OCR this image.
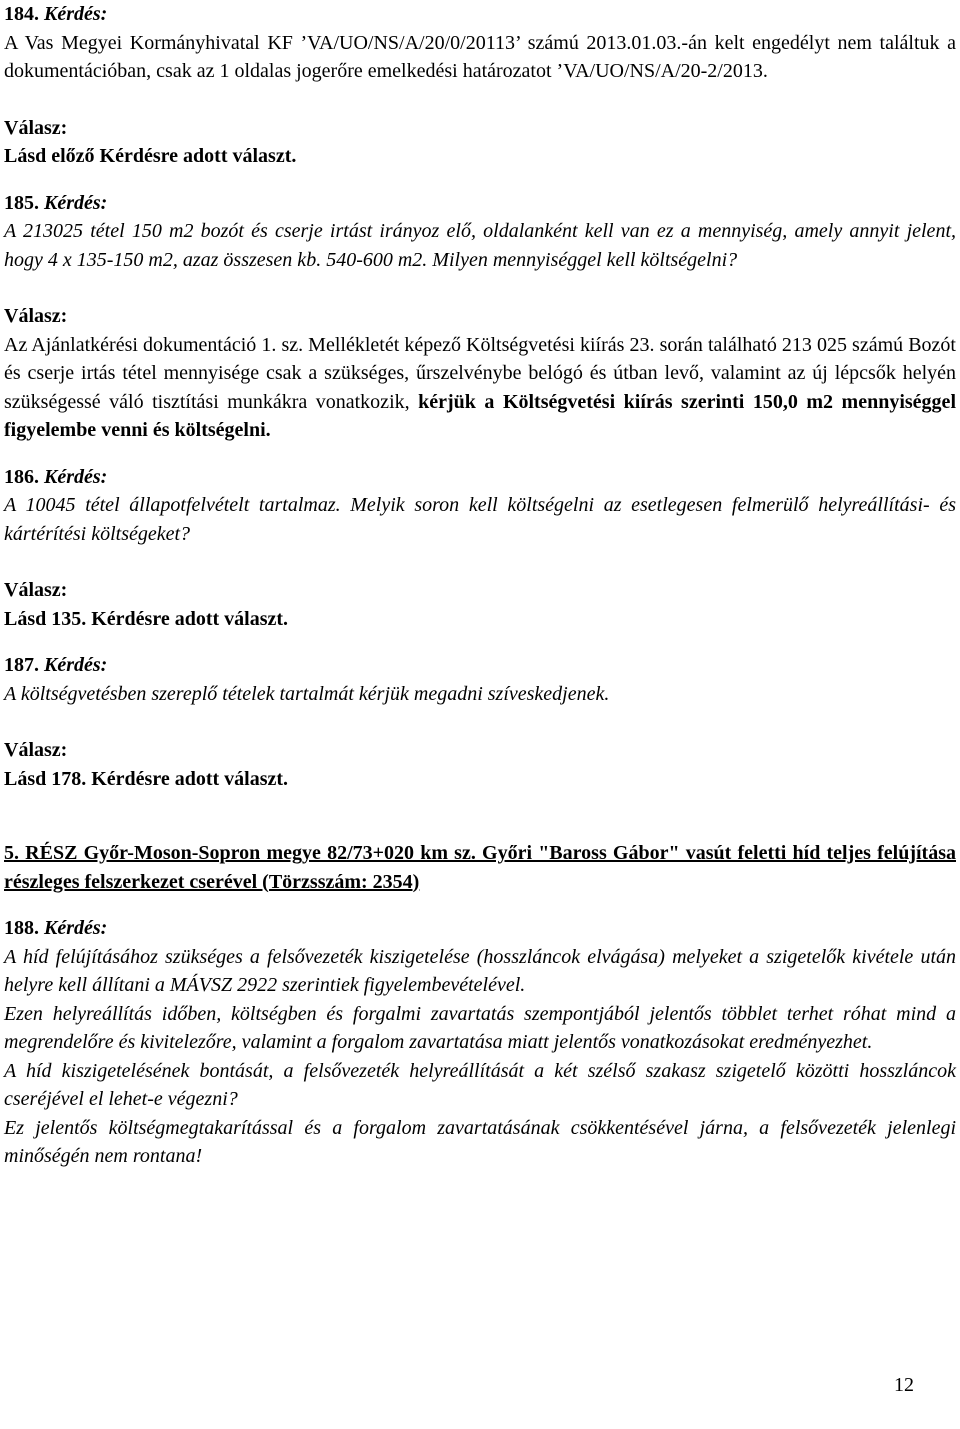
184. Kérdés:
A Vas Megyei Kormányhivatal KF ’VA/UO/NS/A/20/0/20113’ számú 2013.01.03.-án kelt engedélyt nem találtuk a dokumentációban, csak az 1 oldalas jogerőre emelkedési határozatot ’VA/UO/NS/A/20-2/2013.
Válasz:
Lásd előző Kérdésre adott választ.
185. Kérdés:
A 213025 tétel 150 m2 bozót és cserje irtást irányoz elő, oldalanként kell van ez a mennyiség, amely annyit jelent, hogy 4 x 135-150 m2, azaz összesen kb. 540-600 m2. Milyen mennyiséggel kell költségelni?
Válasz:
Az Ajánlatkérési dokumentáció 1. sz. Mellékletét képező Költségvetési kiírás 23. során található 213 025 számú Bozót és cserje irtás tétel mennyisége csak a szükséges, űrszelvénybe belógó és útban levő, valamint az új lépcsők helyén szükségessé váló tisztítási munkákra vonatkozik, kérjük a Költségvetési kiírás szerinti 150,0 m2 mennyiséggel figyelembe venni és költségelni.
186. Kérdés:
A 10045 tétel állapotfelvételt tartalmaz. Melyik soron kell költségelni az esetlegesen felmerülő helyreállítási- és kártérítési költségeket?
Válasz:
Lásd 135. Kérdésre adott választ.
187. Kérdés:
A költségvetésben szereplő tételek tartalmát kérjük megadni szíveskedjenek.
Válasz:
Lásd 178. Kérdésre adott választ.
5. RÉSZ Győr-Moson-Sopron megye 82/73+020 km sz. Győri "Baross Gábor" vasút feletti híd teljes felújítása részleges felszerkezet cserével (Törzsszám: 2354)
188. Kérdés:
A híd felújításához szükséges a felsővezeték kiszigetelése (hosszláncok elvágása) melyeket a szigetelők kivétele után helyre kell állítani a MÁVSZ 2922 szerintiek figyelembevételével.
Ezen helyreállítás időben, költségben és forgalmi zavartatás szempontjából jelentős többlet terhet róhat mind a megrendelőre és kivitelezőre, valamint a forgalom zavartatása miatt jelentős vonatkozásokat eredményezhet.
A híd kiszigetelésének bontását, a felsővezeték helyreállítását a két szélső szakasz szigetelő közötti hosszláncok cseréjével el lehet-e végezni?
Ez jelentős költségmegtakarítással és a forgalom zavartatásának csökkentésével járna, a felsővezeték jelenlegi minőségén nem rontana!
12
